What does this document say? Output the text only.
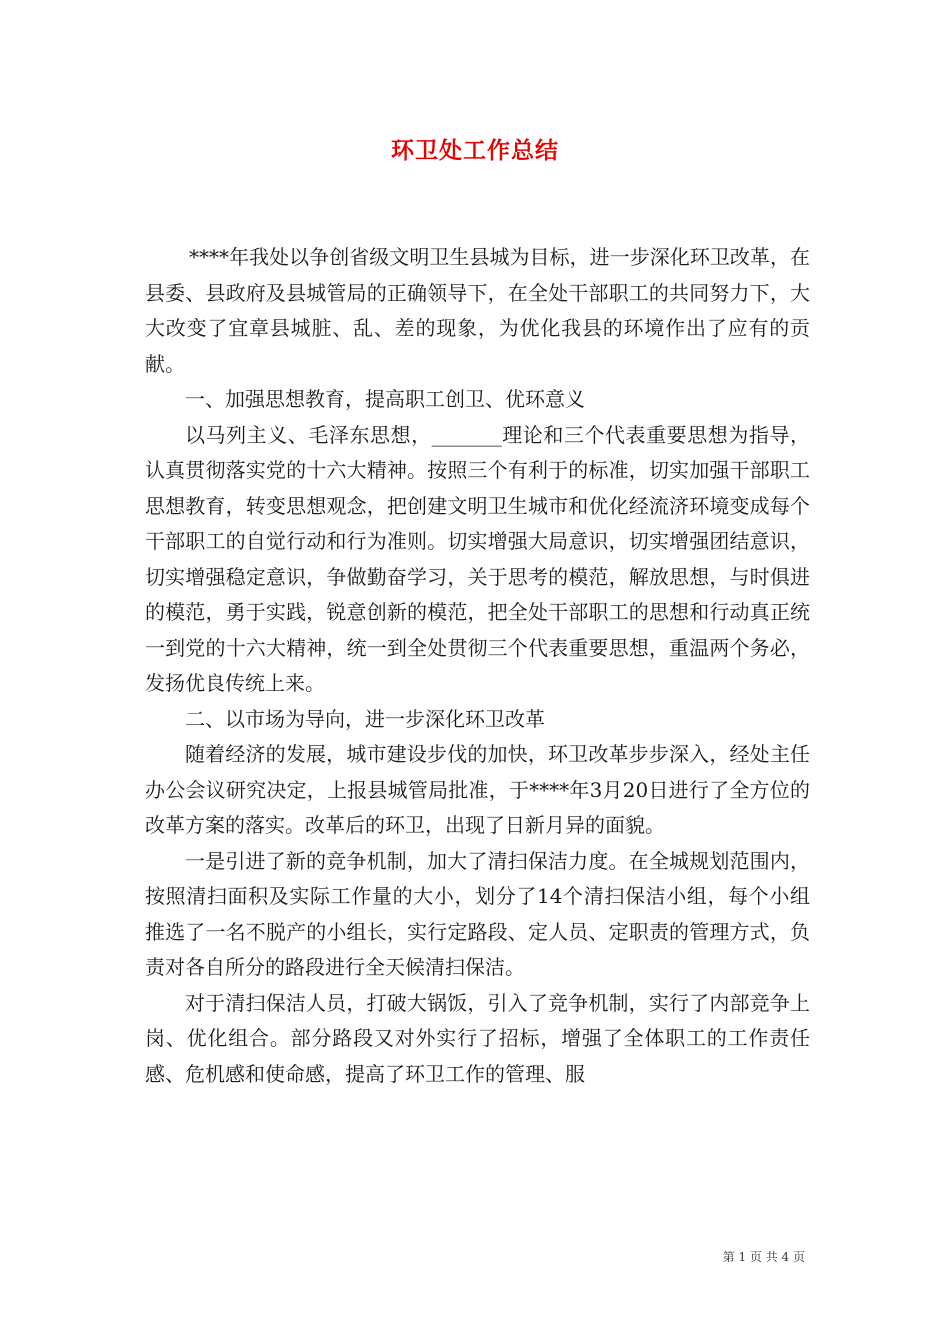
环卫处工作总结

****年我处以争创省级文明卫生县城为目标，进一步深化环卫改革，在县委、县政府及县城管局的正确领导下，在全处干部职工的共同努力下，大大改变了宜章县城脏、乱、差的现象，为优化我县的环境作出了应有的贡献。

一、加强思想教育，提高职工创卫、优环意义

以马列主义、毛泽东思想，_______理论和三个代表重要思想为指导，认真贯彻落实党的十六大精神。按照三个有利于的标准，切实加强干部职工思想教育，转变思想观念，把创建文明卫生城市和优化经流济环境变成每个干部职工的自觉行动和行为准则。切实增强大局意识，切实增强团结意识，切实增强稳定意识，争做勤奋学习，关于思考的模范，解放思想，与时俱进的模范，勇于实践，锐意创新的模范，把全处干部职工的思想和行动真正统一到党的十六大精神，统一到全处贯彻三个代表重要思想，重温两个务必，发扬优良传统上来。

二、以市场为导向，进一步深化环卫改革

随着经济的发展，城市建设步伐的加快，环卫改革步步深入，经处主任办公会议研究决定，上报县城管局批准，于****年3月20日进行了全方位的改革方案的落实。改革后的环卫，出现了日新月异的面貌。

一是引进了新的竞争机制，加大了清扫保洁力度。在全城规划范围内，按照清扫面积及实际工作量的大小，划分了14个清扫保洁小组，每个小组推选了一名不脱产的小组长，实行定路段、定人员、定职责的管理方式，负责对各自所分的路段进行全天候清扫保洁。

对于清扫保洁人员，打破大锅饭，引入了竞争机制，实行了内部竞争上岗、优化组合。部分路段又对外实行了招标，增强了全体职工的工作责任感、危机感和使命感，提高了环卫工作的管理、服

第 1 页 共 4 页
